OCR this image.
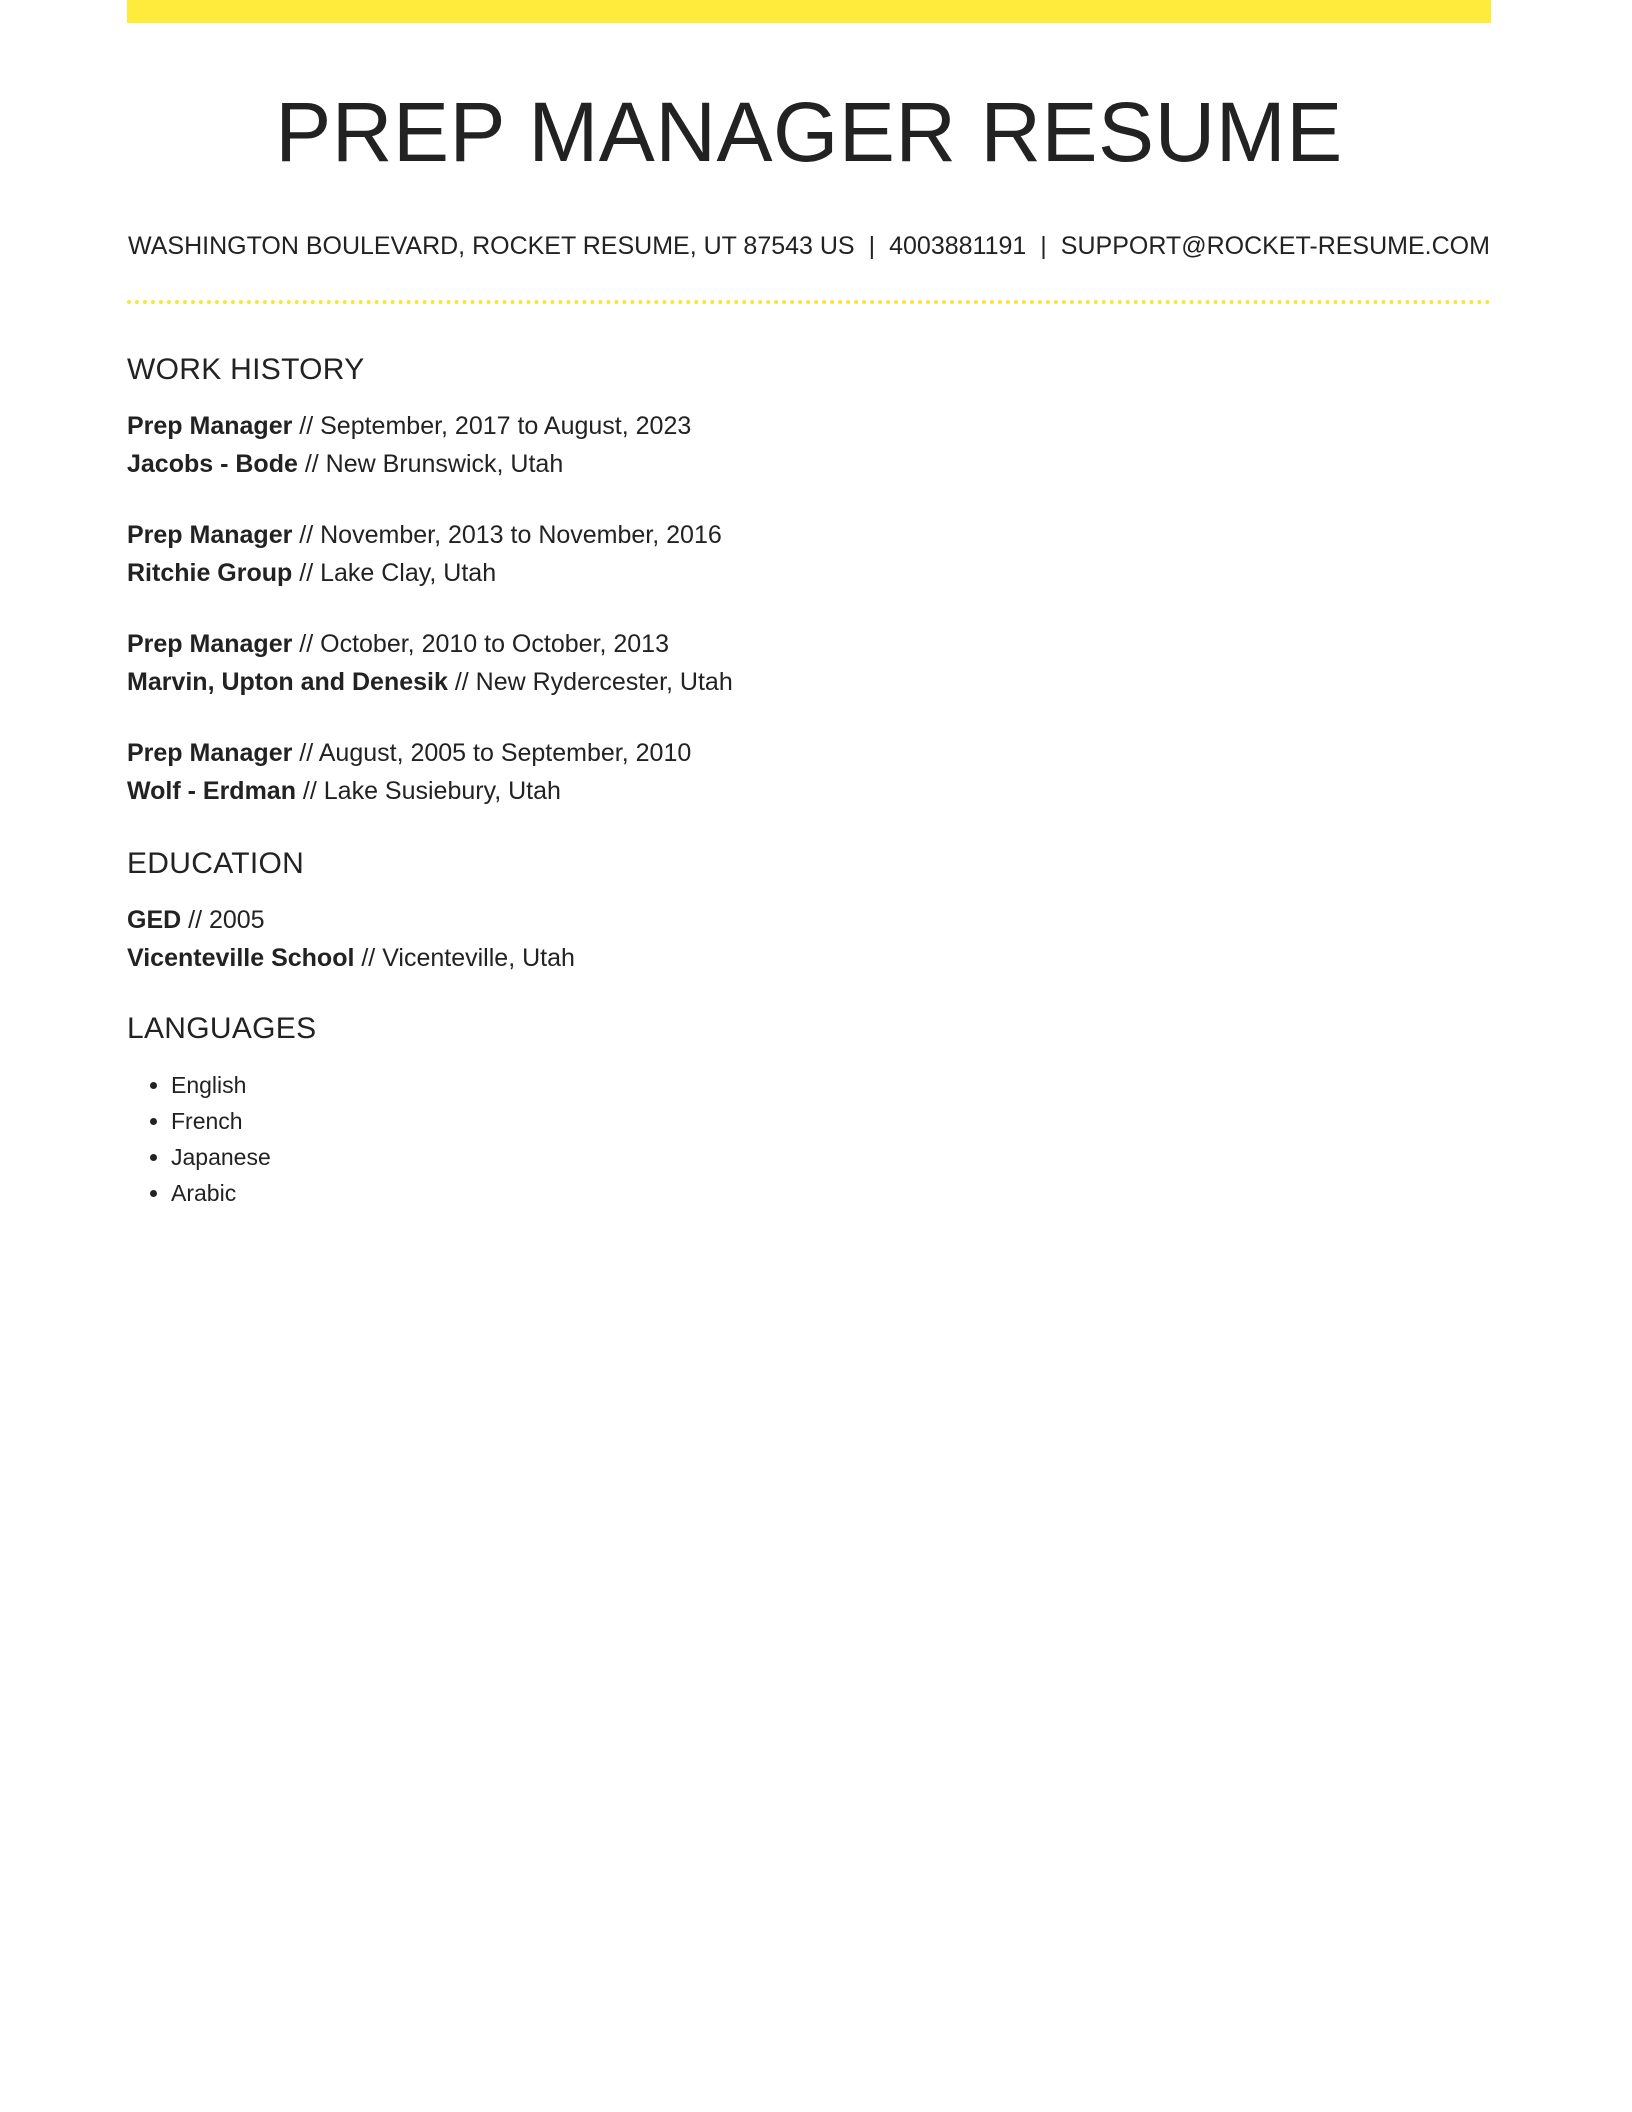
PREP MANAGER RESUME
WASHINGTON BOULEVARD, ROCKET RESUME, UT 87543 US | 4003881191 | SUPPORT@ROCKET-RESUME.COM
WORK HISTORY
Prep Manager // September, 2017 to August, 2023
Jacobs - Bode // New Brunswick, Utah
Prep Manager // November, 2013 to November, 2016
Ritchie Group // Lake Clay, Utah
Prep Manager // October, 2010 to October, 2013
Marvin, Upton and Denesik // New Rydercester, Utah
Prep Manager // August, 2005 to September, 2010
Wolf - Erdman // Lake Susiebury, Utah
EDUCATION
GED // 2005
Vicenteville School // Vicenteville, Utah
LANGUAGES
• English
• French
• Japanese
• Arabic
